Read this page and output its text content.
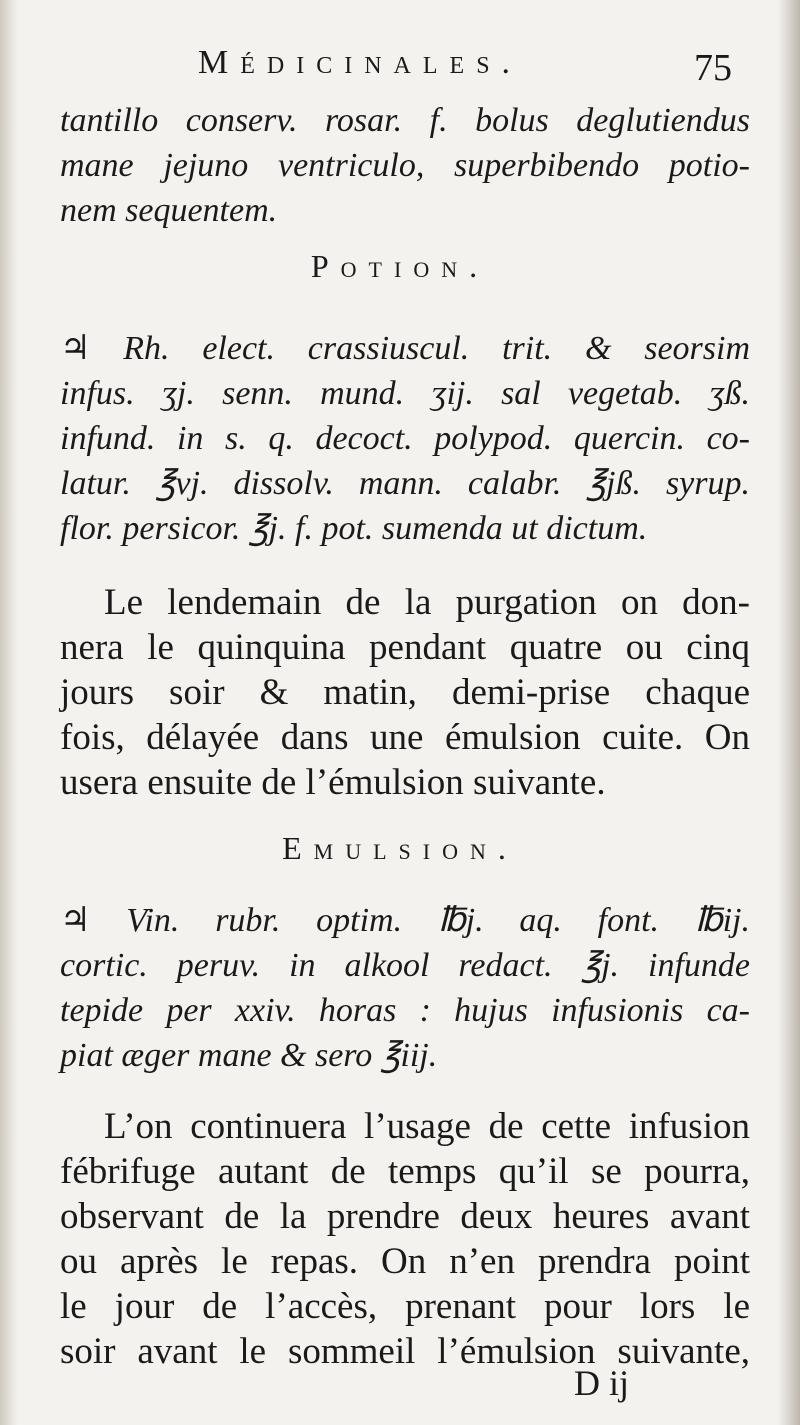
Médicinales.	75
tantillo conserv. rosar. f. bolus deglutiendus
mane jejuno ventriculo, superbibendo potio-
nem sequentem.
Potion.
♃ Rh. elect. crassiuscul. trit. & seorsim
infus. ʒj. senn. mund. ʒij. sal vegetab. ʒß.
infund. in s. q. decoct. polypod. quercin. co-
latur. ℥vj. dissolv. mann. calabr. ℥jß. syrup.
flor. persicor. ℥j. f. pot. sumenda ut dictum.
Le lendemain de la purgation on don-
nera le quinquina pendant quatre ou cinq
jours soir & matin, demi-prise chaque
fois, délayée dans une émulsion cuite. On
usera ensuite de l’émulsion suivante.
Emulsion.
♃ Vin. rubr. optim. ℔j. aq. font. ℔ij.
cortic. peruv. in alkool redact. ℥j. infunde
tepide per xxiv. horas : hujus infusionis ca-
piat æger mane & sero ℥iij.
L’on continuera l’usage de cette infusion
fébrifuge autant de temps qu’il se pourra,
observant de la prendre deux heures avant
ou après le repas. On n’en prendra point
le jour de l’accès, prenant pour lors le
soir avant le sommeil l’émulsion suivante,
D ij
